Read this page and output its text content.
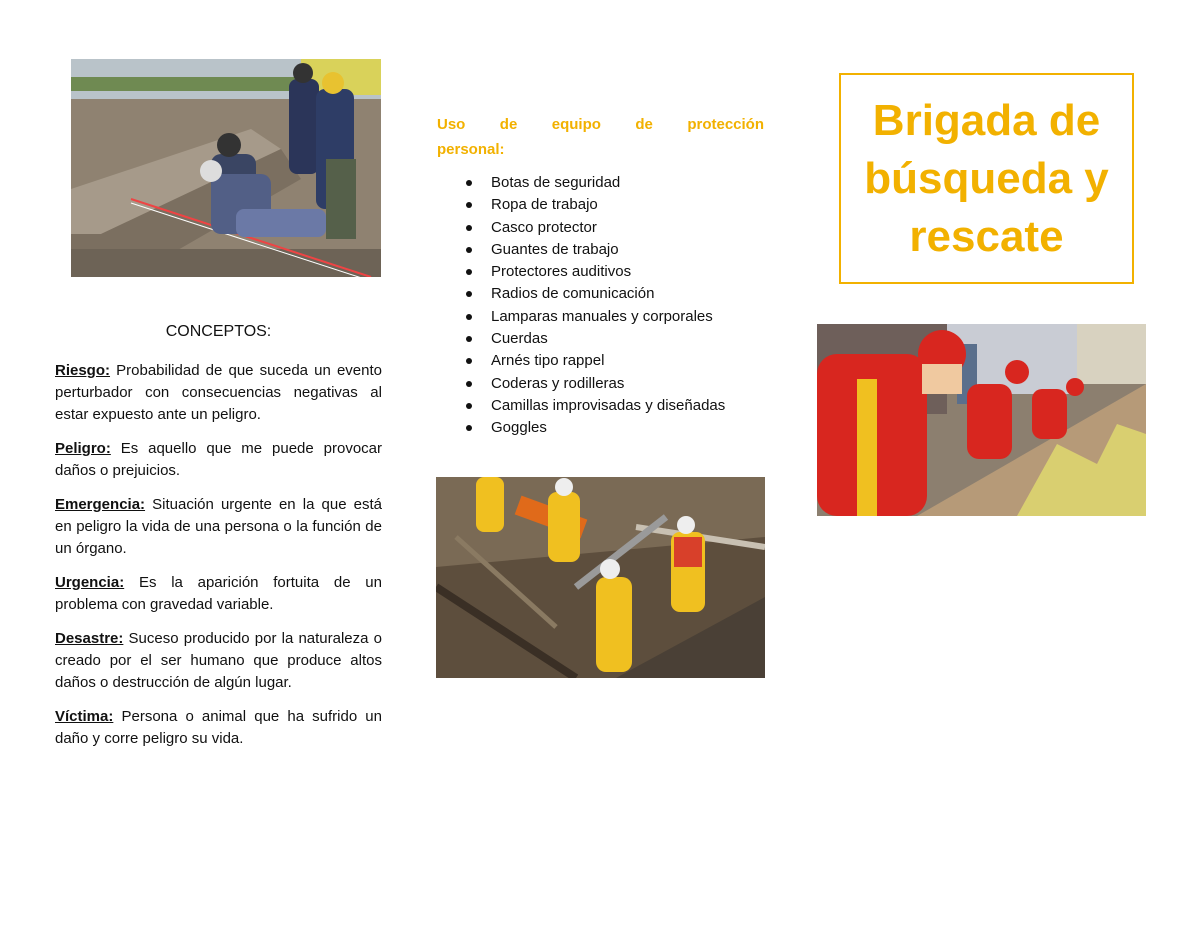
CONCEPTOS:

Riesgo: Probabilidad de que suceda un evento perturbador con consecuencias negativas al estar expuesto ante un peligro.

Peligro: Es aquello que me puede provocar daños o prejuicios.

Emergencia: Situación urgente en la que está en peligro la vida de una persona o la función de un órgano.

Urgencia: Es la aparición fortuita de un problema con gravedad variable.

Desastre: Suceso producido por la naturaleza o creado por el ser humano que produce altos daños o destrucción de algún lugar.

Víctima: Persona o animal que ha sufrido un daño y corre peligro su vida.

Uso de equipo de protección personal:
Botas de seguridad
Ropa de trabajo
Casco protector
Guantes de trabajo
Protectores auditivos
Radios de comunicación
Lamparas manuales y corporales
Cuerdas
Arnés tipo rappel
Coderas y rodilleras
Camillas improvisadas y diseñadas
Goggles
Brigada de búsqueda y rescate
